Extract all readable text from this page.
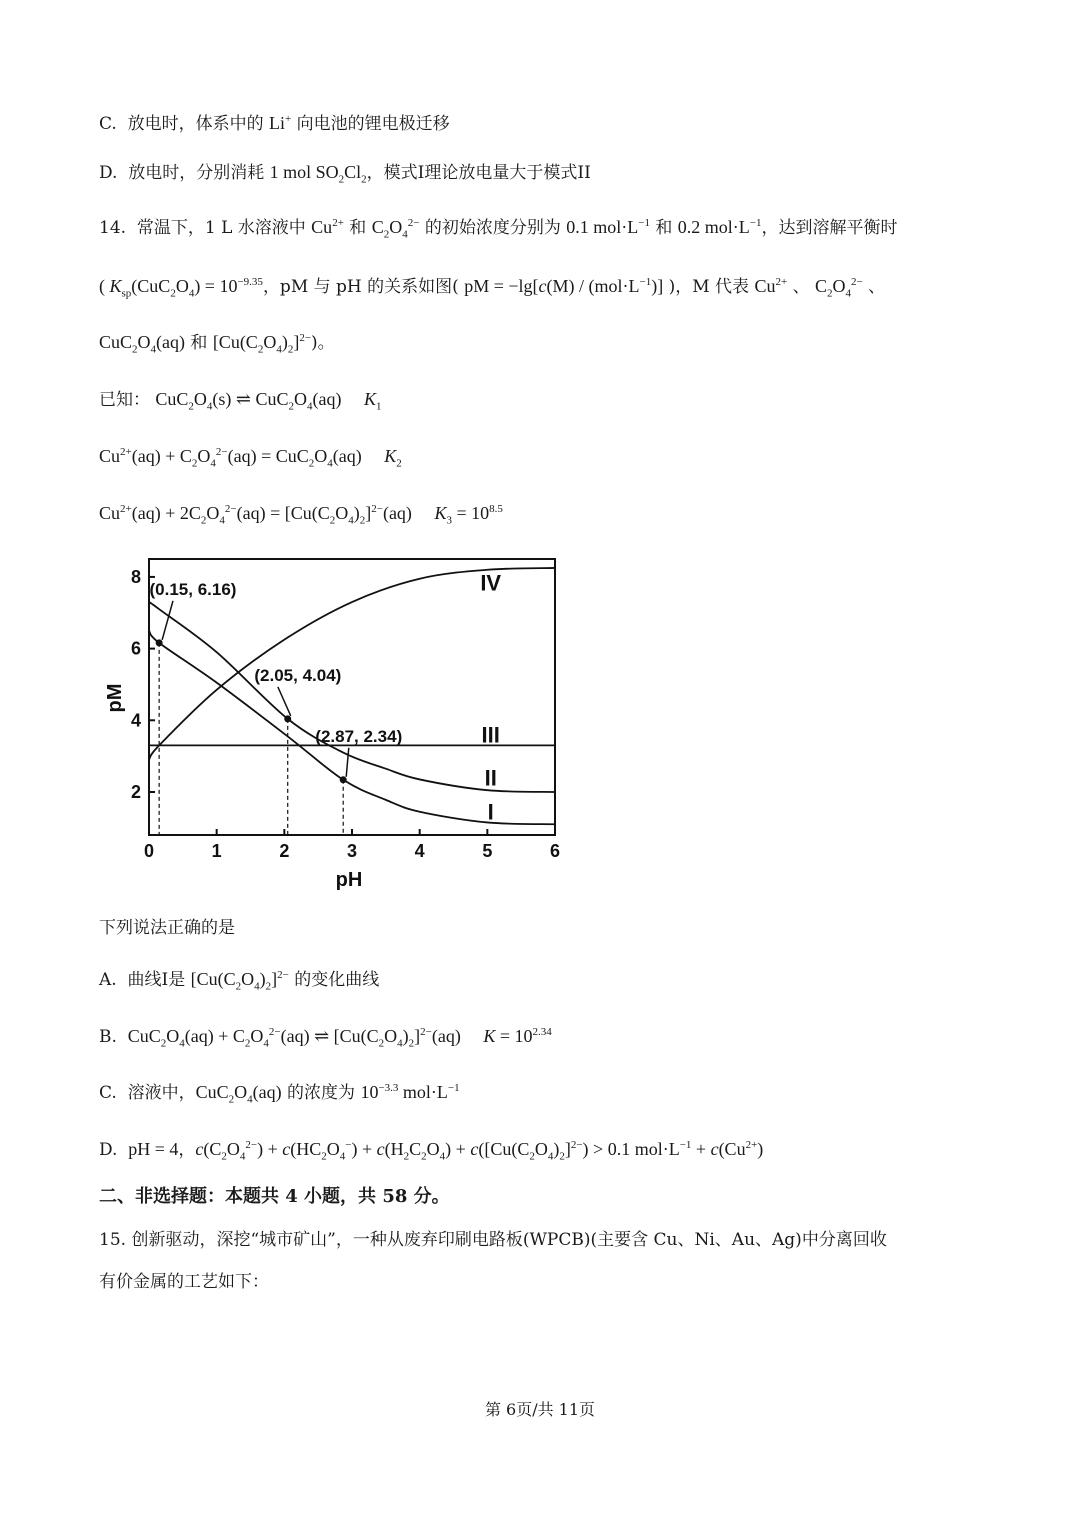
C.  放电时，体系中的 Li+ 向电池的锂电极迁移
D.  放电时，分别消耗 1 mol $SO_2Cl_2$，模式I理论放电量大于模式II
14.  常温下，1 L 水溶液中 $Cu^{2+}$ 和 $C_2O_4^{2-}$ 的初始浓度分别为 0.1 $mol\cdot L^{-1}$ 和 0.2 $mol\cdot L^{-1}$，达到溶解平衡时
( $K_{sp}(CuC_2O_4) = 10^{-9.35}$，pM 与 pH 的关系如图( pM = $-\lg[c(M) / (mol\cdot L^{-1})]$ )，M 代表 $Cu^{2+}$ 、 $C_2O_4^{2-}$ 、
$CuC_2O_4(aq)$ 和 $[Cu(C_2O_4)_2]^{2-}$)。
已知： $CuC_2O_4(s)$ ⇌ $CuC_2O_4(aq)$     $K_1$
$Cu^{2+}(aq) + C_2O_4^{2-}(aq) = CuC_2O_4(aq)$     $K_2$
$Cu^{2+}(aq) + 2C_2O_4^{2-}(aq) = [Cu(C_2O_4)_2]^{2-}(aq)$     $K_3 = 10^{8.5}$
0	1	2	3	4	5	6
2
4
6
8
I
II
III
IV
(0.15, 6.16)
(2.05, 4.04)
(2.87, 2.34)
pM
pH
下列说法正确的是
A.  曲线I是 $[Cu(C_2O_4)_2]^{2-}$ 的变化曲线
B.  $CuC_2O_4(aq) + C_2O_4^{2-}(aq)$ ⇌ $[Cu(C_2O_4)_2]^{2-}(aq)$     $K = 10^{2.34}$
C.  溶液中，$CuC_2O_4(aq)$ 的浓度为 $10^{-3.3}$ $mol\cdot L^{-1}$
D.  pH = 4，$c(C_2O_4^{2-}) + c(HC_2O_4^-) + c(H_2C_2O_4) + c([Cu(C_2O_4)_2]^{2-}) > 0.1$ $mol\cdot L^{-1} + c(Cu^{2+})$
二、非选择题：本题共 4 小题，共 58 分。
15. 创新驱动，深挖“城市矿山”，一种从废弃印刷电路板(WPCB)(主要含 Cu、Ni、Au、Ag)中分离回收
有价金属的工艺如下：
第 6页/共 11页
